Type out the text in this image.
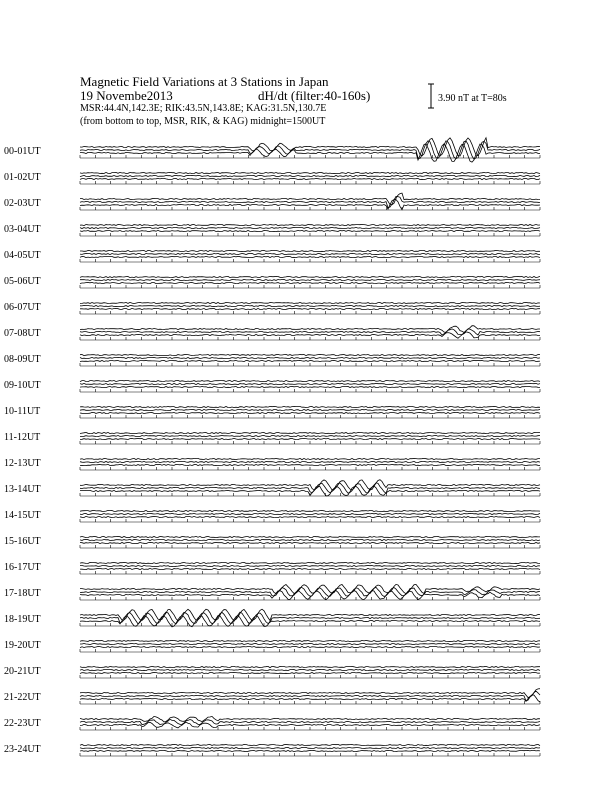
Magnetic Field Variations at 3 Stations in Japan
19 Novembe2013	dH/dt (filter:40-160s)
MSR:44.4N,142.3E; RIK:43.5N,143.8E; KAG:31.5N,130.7E
(from bottom to top, MSR, RIK, & KAG) midnight=1500UT
3.90 nT at T=80s
00-01UT
01-02UT
02-03UT
03-04UT
04-05UT
05-06UT
06-07UT
07-08UT
08-09UT
09-10UT
10-11UT
11-12UT
12-13UT
13-14UT
14-15UT
15-16UT
16-17UT
17-18UT
18-19UT
19-20UT
20-21UT
21-22UT
22-23UT
23-24UT
